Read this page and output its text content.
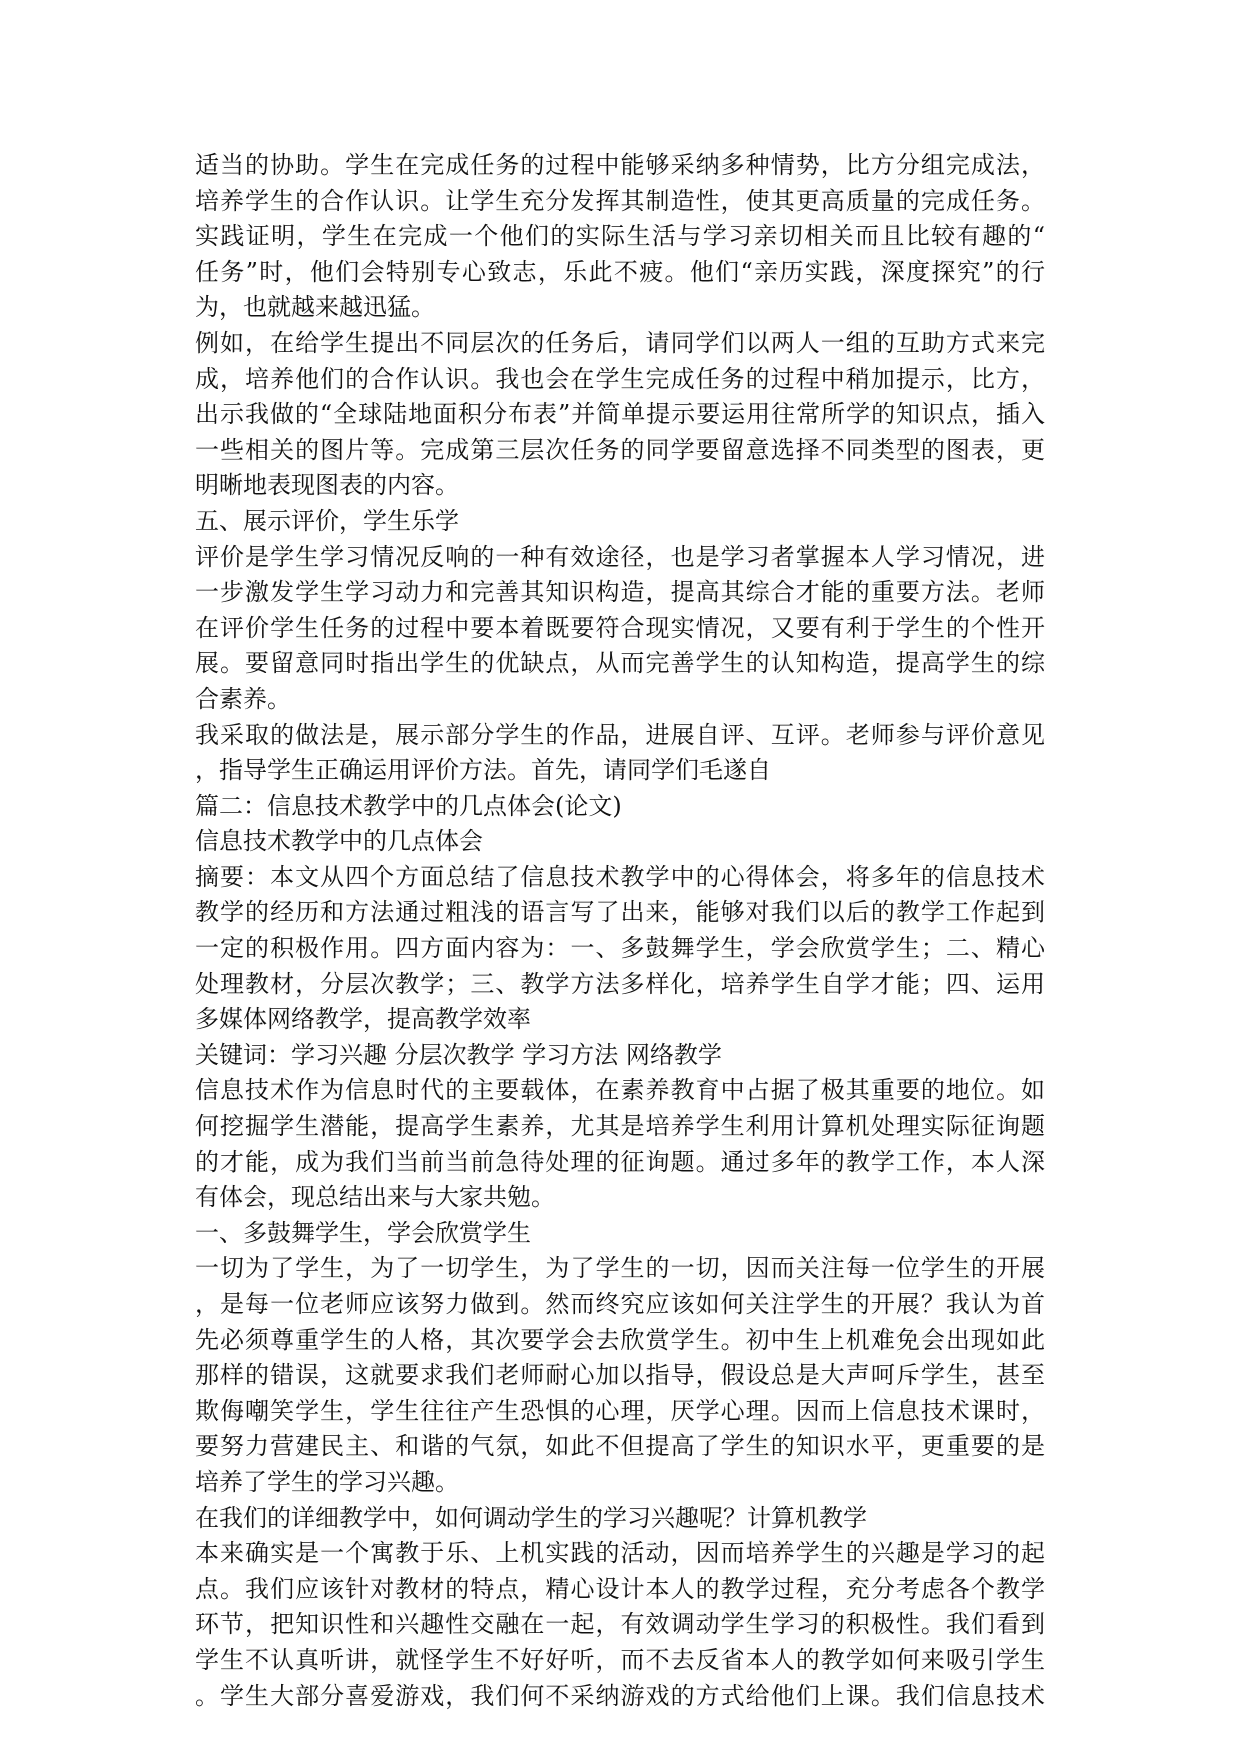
适当的协助。学生在完成任务的过程中能够采纳多种情势，比方分组完成法，
培养学生的合作认识。让学生充分发挥其制造性，使其更高质量的完成任务。
实践证明，学生在完成一个他们的实际生活与学习亲切相关而且比较有趣的“
任务”时，他们会特别专心致志，乐此不疲。他们“亲历实践，深度探究”的行
为，也就越来越迅猛。
例如，在给学生提出不同层次的任务后，请同学们以两人一组的互助方式来完
成，培养他们的合作认识。我也会在学生完成任务的过程中稍加提示，比方，
出示我做的“全球陆地面积分布表”并简单提示要运用往常所学的知识点，插入
一些相关的图片等。完成第三层次任务的同学要留意选择不同类型的图表，更
明晰地表现图表的内容。
五、展示评价，学生乐学
评价是学生学习情况反响的一种有效途径，也是学习者掌握本人学习情况，进
一步激发学生学习动力和完善其知识构造，提高其综合才能的重要方法。老师
在评价学生任务的过程中要本着既要符合现实情况，又要有利于学生的个性开
展。要留意同时指出学生的优缺点，从而完善学生的认知构造，提高学生的综
合素养。
我采取的做法是，展示部分学生的作品，进展自评、互评。老师参与评价意见
，指导学生正确运用评价方法。首先，请同学们毛遂自
篇二：信息技术教学中的几点体会(论文)
信息技术教学中的几点体会
摘要：本文从四个方面总结了信息技术教学中的心得体会，将多年的信息技术
教学的经历和方法通过粗浅的语言写了出来，能够对我们以后的教学工作起到
一定的积极作用。四方面内容为：一、多鼓舞学生，学会欣赏学生；二、精心
处理教材，分层次教学；三、教学方法多样化，培养学生自学才能；四、运用
多媒体网络教学，提高教学效率
关键词：学习兴趣 分层次教学 学习方法 网络教学
信息技术作为信息时代的主要载体，在素养教育中占据了极其重要的地位。如
何挖掘学生潜能，提高学生素养，尤其是培养学生利用计算机处理实际征询题
的才能，成为我们当前当前急待处理的征询题。通过多年的教学工作，本人深
有体会，现总结出来与大家共勉。
一、多鼓舞学生，学会欣赏学生
一切为了学生，为了一切学生，为了学生的一切，因而关注每一位学生的开展
，是每一位老师应该努力做到。然而终究应该如何关注学生的开展？我认为首
先必须尊重学生的人格，其次要学会去欣赏学生。初中生上机难免会出现如此
那样的错误，这就要求我们老师耐心加以指导，假设总是大声呵斥学生，甚至
欺侮嘲笑学生，学生往往产生恐惧的心理，厌学心理。因而上信息技术课时，
要努力营建民主、和谐的气氛，如此不但提高了学生的知识水平，更重要的是
培养了学生的学习兴趣。
在我们的详细教学中，如何调动学生的学习兴趣呢？计算机教学
本来确实是一个寓教于乐、上机实践的活动，因而培养学生的兴趣是学习的起
点。我们应该针对教材的特点，精心设计本人的教学过程，充分考虑各个教学
环节，把知识性和兴趣性交融在一起，有效调动学生学习的积极性。我们看到
学生不认真听讲，就怪学生不好好听，而不去反省本人的教学如何来吸引学生
。学生大部分喜爱游戏，我们何不采纳游戏的方式给他们上课。我们信息技术
